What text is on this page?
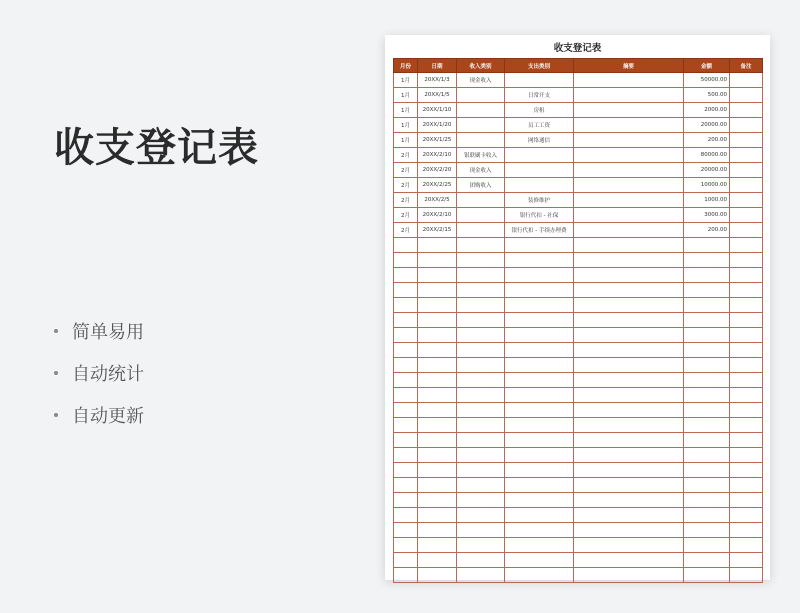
收支登记表
简单易用
自动统计
自动更新
收支登记表
月份	日期	收入类别	支出类别	摘要	金额	备注
1月	20XX/1/3	现金收入			50000.00	
1月	20XX/1/5		日常开支		500.00	
1月	20XX/1/10		房租		2000.00	
1月	20XX/1/20		员工工资		20000.00	
1月	20XX/1/25		网络通信		200.00	
2月	20XX/2/10	银联刷卡收入			80000.00	
2月	20XX/2/20	现金收入			20000.00	
2月	20XX/2/25	团购收入			10000.00	
2月	20XX/2/5		装修维护		1000.00	
2月	20XX/2/10		银行代扣 - 社保		3000.00	
2月	20XX/2/15		银行代扣 - 手续办理费		200.00	
